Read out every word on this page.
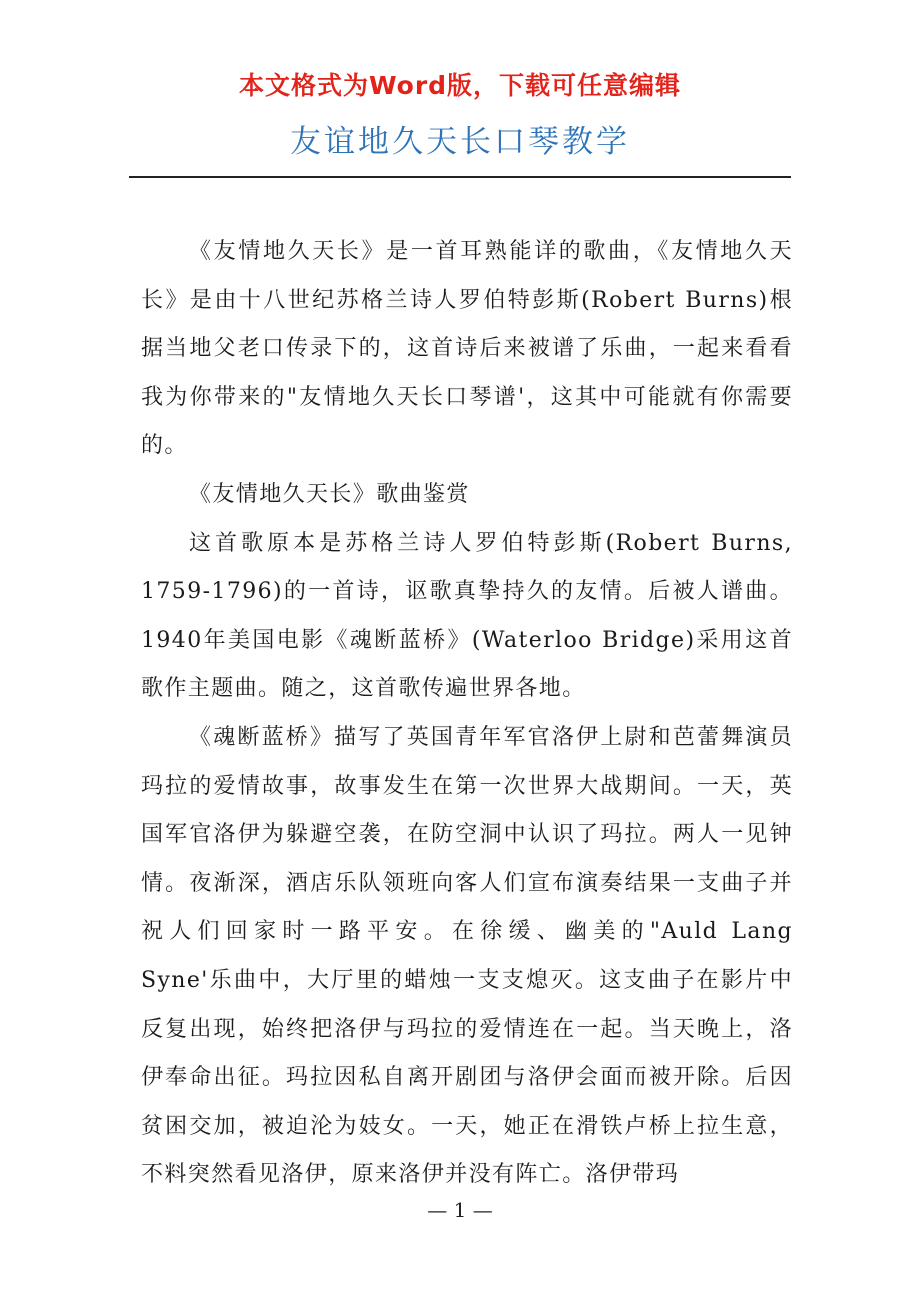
本文格式为Word版，下载可任意编辑
友谊地久天长口琴教学

《友情地久天长》是一首耳熟能详的歌曲，《友情地久天长》是由十八世纪苏格兰诗人罗伯特彭斯(Robert Burns)根据当地父老口传录下的，这首诗后来被谱了乐曲，一起来看看我为你带来的"友情地久天长口琴谱'，这其中可能就有你需要的。

《友情地久天长》歌曲鉴赏

这首歌原本是苏格兰诗人罗伯特彭斯(Robert Burns, 1759-1796)的一首诗，讴歌真挚持久的友情。后被人谱曲。1940年美国电影《魂断蓝桥》(Waterloo Bridge)采用这首歌作主题曲。随之，这首歌传遍世界各地。

《魂断蓝桥》描写了英国青年军官洛伊上尉和芭蕾舞演员玛拉的爱情故事，故事发生在第一次世界大战期间。一天，英国军官洛伊为躲避空袭，在防空洞中认识了玛拉。两人一见钟情。夜渐深，酒店乐队领班向客人们宣布演奏结果一支曲子并祝人们回家时一路平安。在徐缓、幽美的"Auld Lang Syne'乐曲中，大厅里的蜡烛一支支熄灭。这支曲子在影片中反复出现，始终把洛伊与玛拉的爱情连在一起。当天晚上，洛伊奉命出征。玛拉因私自离开剧团与洛伊会面而被开除。后因贫困交加，被迫沦为妓女。一天，她正在滑铁卢桥上拉生意，不料突然看见洛伊，原来洛伊并没有阵亡。洛伊带玛

— 1 —
